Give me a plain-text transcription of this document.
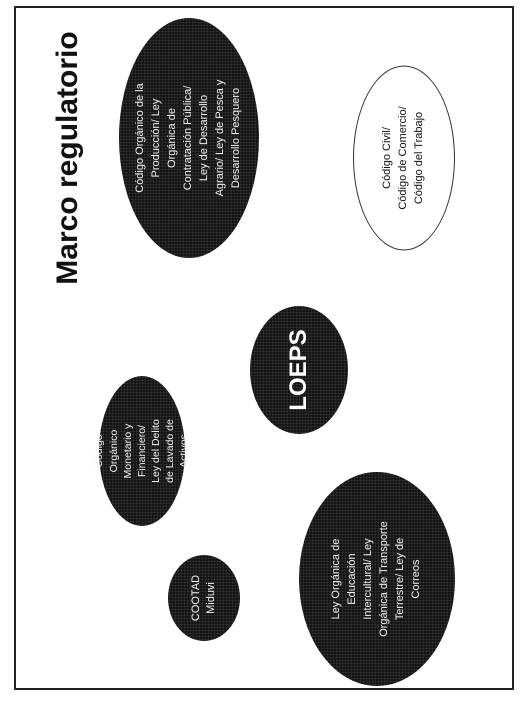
Marco regulatorio	Código Orgánico de la Producción/ Ley Orgánica de Contratación Pública/ Ley de Desarrollo Agrario/ Ley de Pesca y Desarrollo Pesquero	Código Civil/ Código de Comercio/ Código del Trabajo
LOEPS
Código Orgánico Monetario y Financiero/ Ley del Delito de Lavado de Activos
Ley Orgánica de Educación Intercultural/ Ley Orgánica de Transporte Terrestre/ Ley de Correos
COOTAD Miduvi
